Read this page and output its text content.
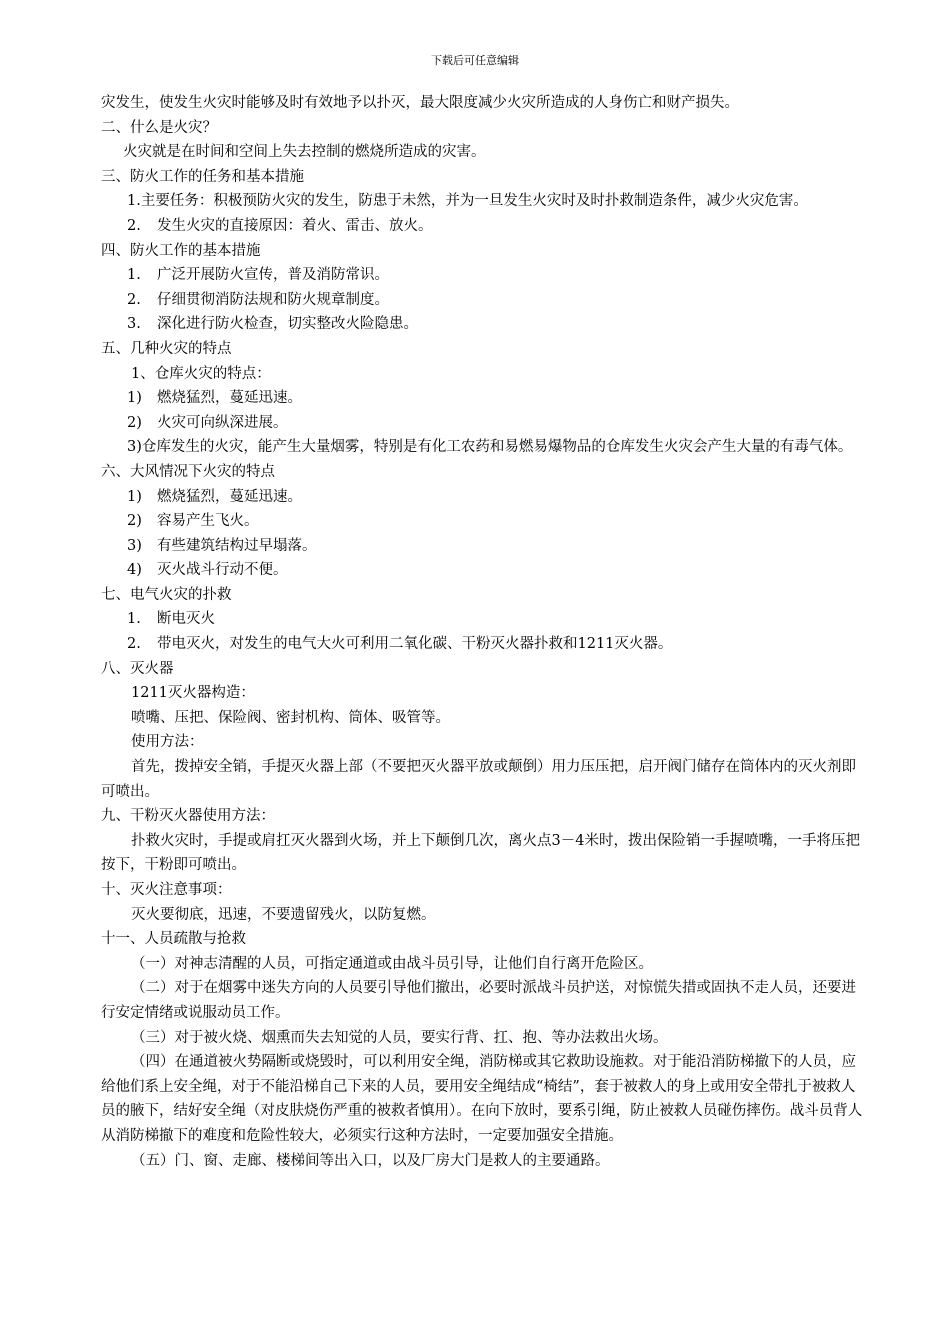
下载后可任意编辑

灾发生，使发生火灾时能够及时有效地予以扑灭，最大限度减少火灾所造成的人身伤亡和财产损失。

二、什么是火灾？

火灾就是在时间和空间上失去控制的燃烧所造成的灾害。

三、防火工作的任务和基本措施

1.主要任务：积极预防火灾的发生，防患于未然，并为一旦发生火灾时及时扑救制造条件，减少火灾危害。

2. 发生火灾的直接原因：着火、雷击、放火。

四、防火工作的基本措施

1. 广泛开展防火宣传，普及消防常识。

2. 仔细贯彻消防法规和防火规章制度。

3. 深化进行防火检查，切实整改火险隐患。

五、几种火灾的特点

1、仓库火灾的特点：

1) 燃烧猛烈，蔓延迅速。

2) 火灾可向纵深进展。

3)仓库发生的火灾，能产生大量烟雾，特别是有化工农药和易燃易爆物品的仓库发生火灾会产生大量的有毒气体。

六、大风情况下火灾的特点

1) 燃烧猛烈，蔓延迅速。

2) 容易产生飞火。

3) 有些建筑结构过早塌落。

4) 灭火战斗行动不便。

七、电气火灾的扑救

1. 断电灭火

2. 带电灭火，对发生的电气大火可利用二氧化碳、干粉灭火器扑救和1211灭火器。

八、灭火器

1211灭火器构造：

喷嘴、压把、保险阀、密封机构、筒体、吸管等。

使用方法：

首先，拨掉安全销，手提灭火器上部（不要把灭火器平放或颠倒）用力压压把，启开阀门储存在筒体内的灭火剂即可喷出。

九、干粉灭火器使用方法：

扑救火灾时，手提或肩扛灭火器到火场，并上下颠倒几次，离火点3－4米时，拨出保险销一手握喷嘴，一手将压把按下，干粉即可喷出。

十、灭火注意事项：

灭火要彻底，迅速，不要遗留残火，以防复燃。

十一、人员疏散与抢救

（一）对神志清醒的人员，可指定通道或由战斗员引导，让他们自行离开危险区。

（二）对于在烟雾中迷失方向的人员要引导他们撤出，必要时派战斗员护送，对惊慌失措或固执不走人员，还要进行安定情绪或说服动员工作。

（三）对于被火烧、烟熏而失去知觉的人员，要实行背、扛、抱、等办法救出火场。

（四）在通道被火势隔断或烧毁时，可以利用安全绳，消防梯或其它救助设施救。对于能沿消防梯撤下的人员，应给他们系上安全绳，对于不能沿梯自己下来的人员，要用安全绳结成“椅结”，套于被救人的身上或用安全带扎于被救人员的腋下，结好安全绳（对皮肤烧伤严重的被救者慎用）。在向下放时，要系引绳，防止被救人员碰伤摔伤。战斗员背人从消防梯撤下的难度和危险性较大，必须实行这种方法时，一定要加强安全措施。

（五）门、窗、走廊、楼梯间等出入口，以及厂房大门是救人的主要通路。
